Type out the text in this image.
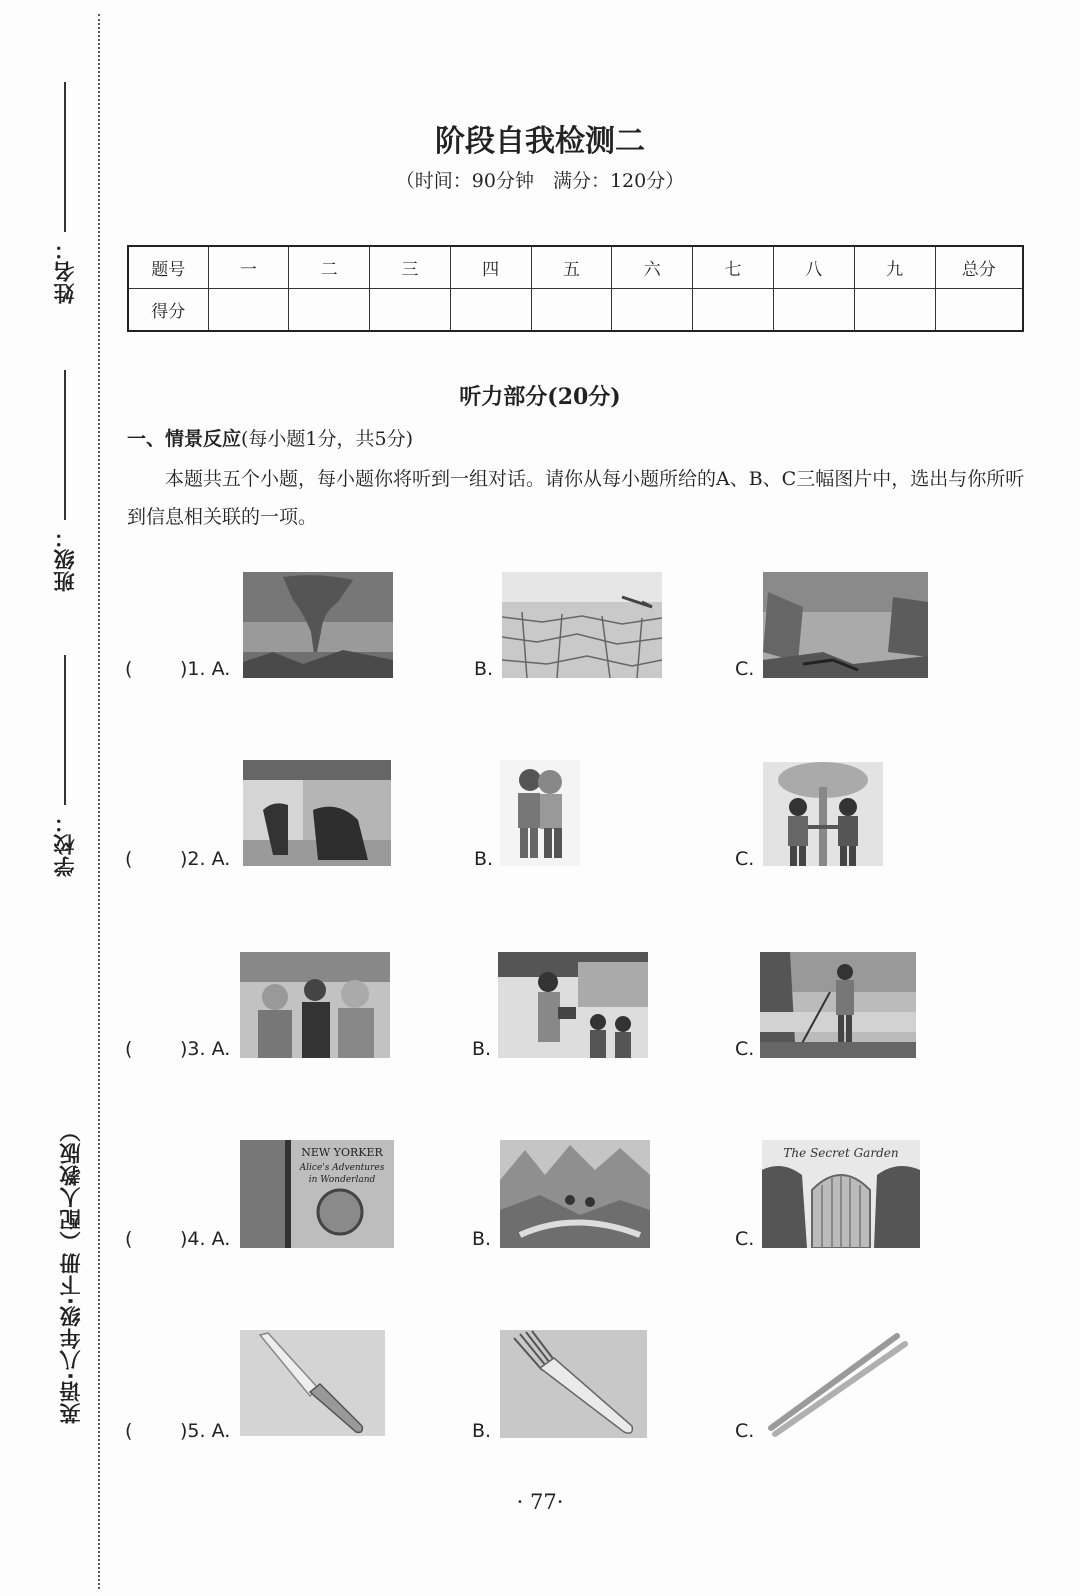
姓名：
班级：
学校：
英语·八年级·下册（配人教版）
阶段自我检测二
（时间：90分钟　满分：120分）
题号	一	二	三	四	五	六	七	八	九	总分
得分										
听力部分(20分)
一、情景反应(每小题1分，共5分)
本题共五个小题，每小题你将听到一组对话。请你从每小题所给的A、B、C三幅图片中，选出与你所听到信息相关联的一项。
(	)1. A.	B.	C.
(	)2. A.	B.	C.
(	)3. A.	B.	C.
(	)4. A.
NEW YORKER
Alice's Adventures
in Wonderland
B.	C.
The Secret Garden
(	)5. A.	B.	C.
· 77·
